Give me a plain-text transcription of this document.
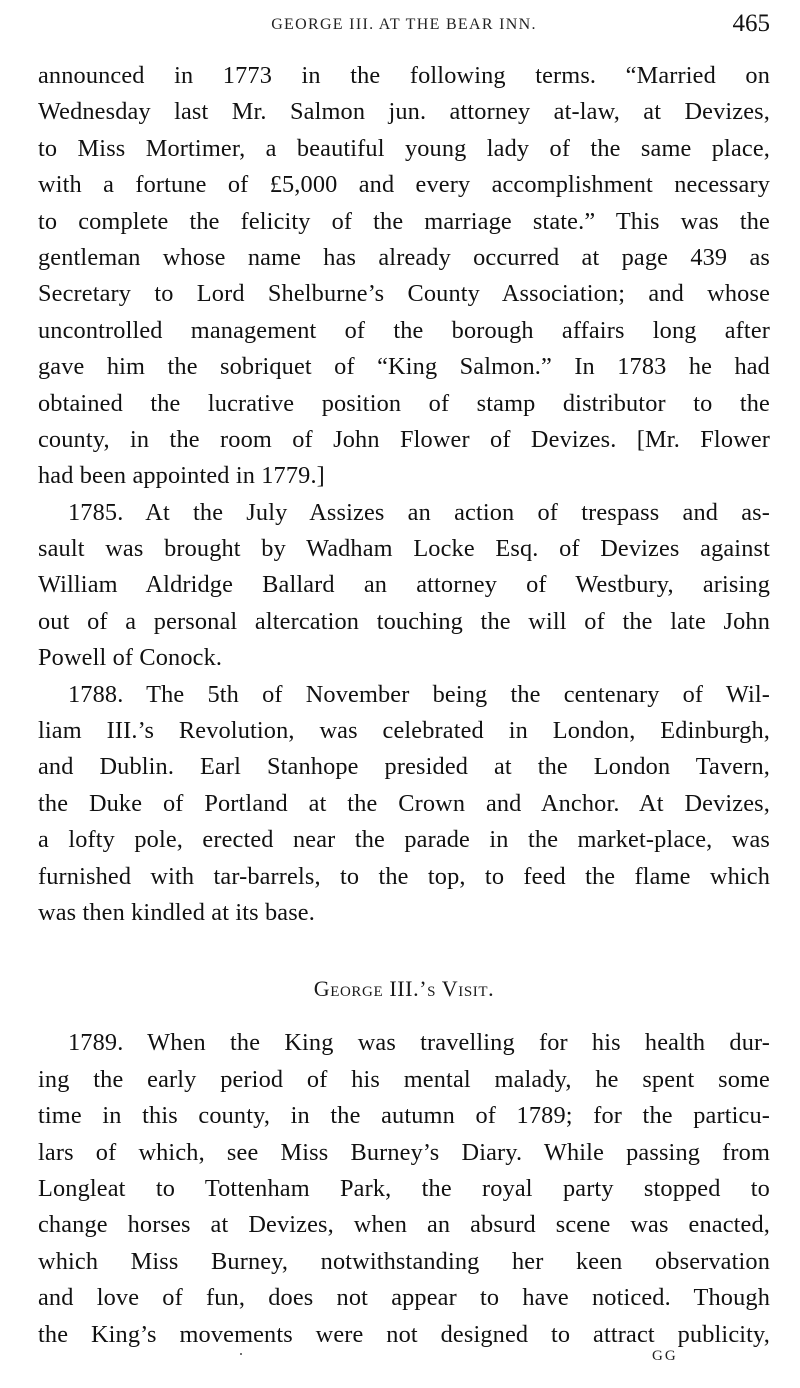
GEORGE III. AT THE BEAR INN.	465
announced in 1773 in the following terms. “Married on
Wednesday last Mr. Salmon jun. attorney at-law, at Devizes,
to Miss Mortimer, a beautiful young lady of the same place,
with a fortune of £5,000 and every accomplishment necessary
to complete the felicity of the marriage state.” This was the
gentleman whose name has already occurred at page 439 as
Secretary to Lord Shelburne’s County Association; and whose
uncontrolled management of the borough affairs long after
gave him the sobriquet of “King Salmon.” In 1783 he had
obtained the lucrative position of stamp distributor to the
county, in the room of John Flower of Devizes. [Mr. Flower
had been appointed in 1779.]
1785. At the July Assizes an action of trespass and as-
sault was brought by Wadham Locke Esq. of Devizes against
William Aldridge Ballard an attorney of Westbury, arising
out of a personal altercation touching the will of the late John
Powell of Conock.
1788. The 5th of November being the centenary of Wil-
liam III.’s Revolution, was celebrated in London, Edinburgh,
and Dublin. Earl Stanhope presided at the London Tavern,
the Duke of Portland at the Crown and Anchor. At Devizes,
a lofty pole, erected near the parade in the market-place, was
furnished with tar-barrels, to the top, to feed the flame which
was then kindled at its base.
George III.’s Visit.
1789. When the King was travelling for his health dur-
ing the early period of his mental malady, he spent some
time in this county, in the autumn of 1789; for the particu-
lars of which, see Miss Burney’s Diary. While passing from
Longleat to Tottenham Park, the royal party stopped to
change horses at Devizes, when an absurd scene was enacted,
which Miss Burney, notwithstanding her keen observation
and love of fun, does not appear to have noticed. Though
the King’s movements were not designed to attract publicity,
GG
